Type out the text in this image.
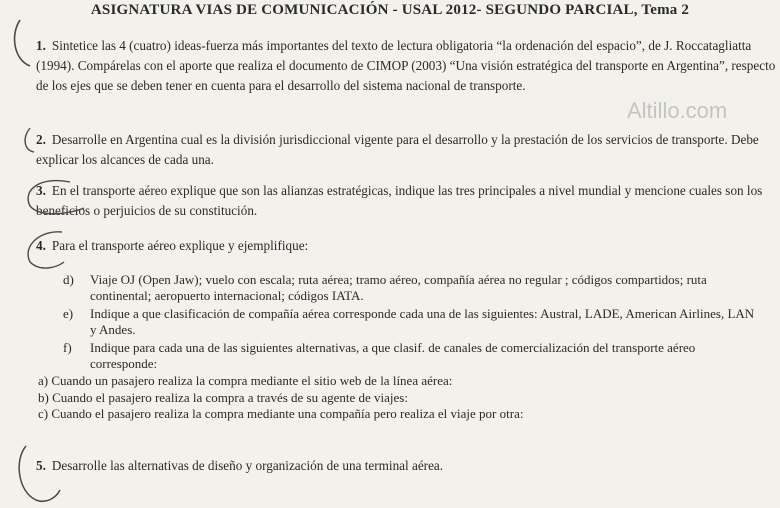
ASIGNATURA VIAS DE COMUNICACIÓN - USAL 2012- SEGUNDO PARCIAL, Tema 2
Altillo.com
1. Sintetice las 4 (cuatro) ideas-fuerza más importantes del texto de lectura obligatoria “la ordenación del espacio”, de J. Roccatagliatta (1994). Compárelas con el aporte que realiza el documento de CIMOP (2003) “Una visión estratégica del transporte en Argentina”, respecto de los ejes que se deben tener en cuenta para el desarrollo del sistema nacional de transporte.
2. Desarrolle en Argentina cual es la división jurisdiccional vigente para el desarrollo y la prestación de los servicios de transporte. Debe explicar los alcances de cada una.
3. En el transporte aéreo explique que son las alianzas estratégicas, indique las tres principales a nivel mundial y mencione cuales son los beneficios o perjuicios de su constitución.
4. Para el transporte aéreo explique y ejemplifique:
d) Viaje OJ (Open Jaw); vuelo con escala; ruta aérea; tramo aéreo, compañía aérea no regular ; códigos compartidos; ruta continental; aeropuerto internacional; códigos IATA.
e) Indique a que clasificación de compañía aérea corresponde cada una de las siguientes: Austral, LADE, American Airlines, LAN y Andes.
f) Indique para cada una de las siguientes alternativas, a que clasif. de canales de comercialización del transporte aéreo corresponde:
a) Cuando un pasajero realiza la compra mediante el sitio web de la línea aérea:
b) Cuando el pasajero realiza la compra a través de su agente de viajes:
c) Cuando el pasajero realiza la compra mediante una compañía pero realiza el viaje por otra:
5. Desarrolle las alternativas de diseño y organización de una terminal aérea.
